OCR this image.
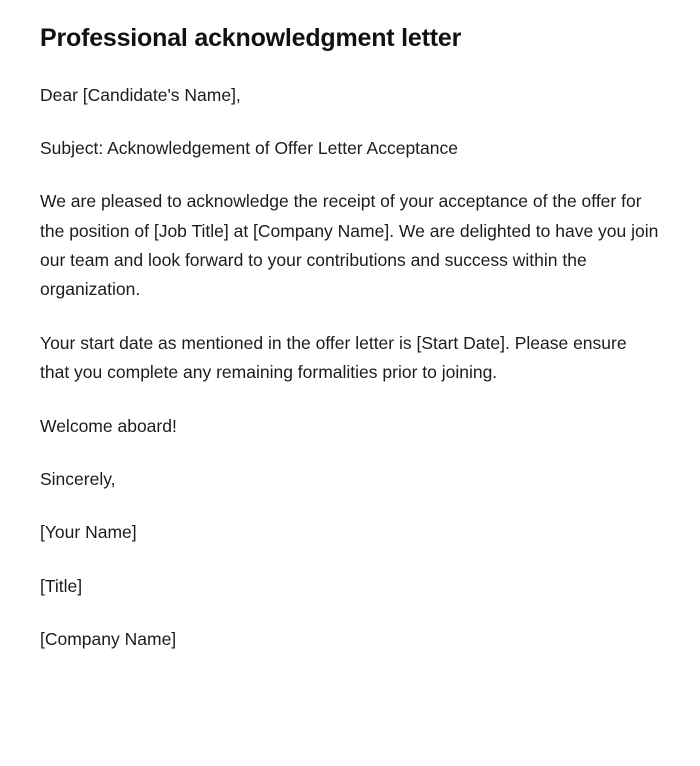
Professional acknowledgment letter

Dear [Candidate's Name],

Subject: Acknowledgement of Offer Letter Acceptance

We are pleased to acknowledge the receipt of your acceptance of the offer for the position of [Job Title] at [Company Name]. We are delighted to have you join our team and look forward to your contributions and success within the organization.

Your start date as mentioned in the offer letter is [Start Date]. Please ensure that you complete any remaining formalities prior to joining.

Welcome aboard!

Sincerely,

[Your Name]

[Title]

[Company Name]
